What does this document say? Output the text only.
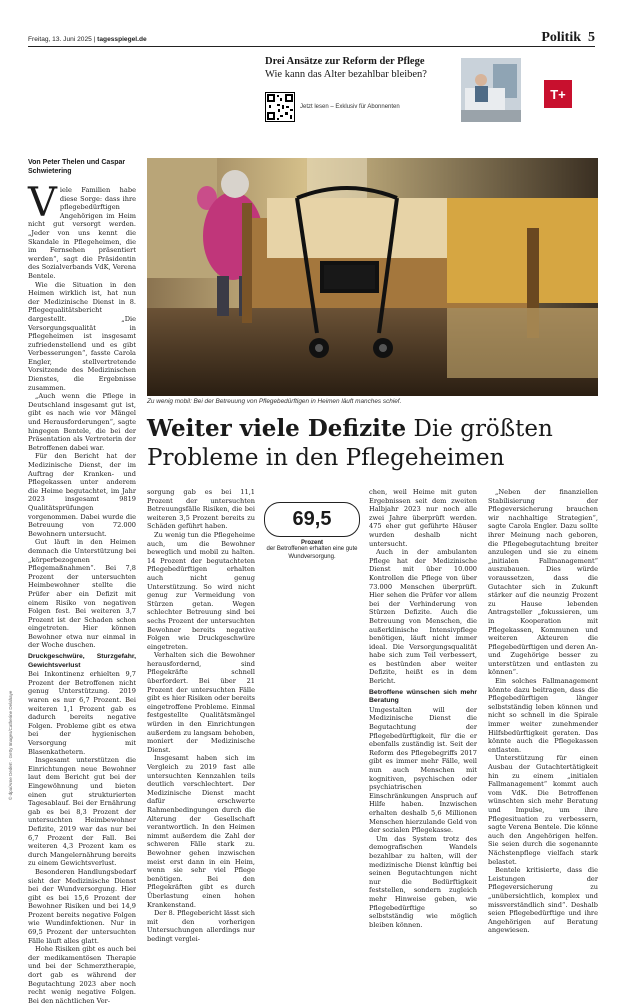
Freitag, 13. Juni 2025 | tagesspiegel.de	Politik 5
Drei Ansätze zur Reform der Pflege
Wie kann das Alter bezahlbar bleiben?
Jetzt lesen – Exklusiv für Abonnenten
T+
Von Peter Thelen und Caspar Schwietering
Zu wenig mobil: Bei der Betreuung von Pflegebedürftigen in Heimen läuft manches schief.
Weiter viele Defizite Die größten Probleme in den Pflegeheimen

Viele Familien habe diese Sorge: dass ihre pflegebedürftigen Angehörigen im Heim nicht gut versorgt werden. „Jeder von uns kennt die Skandale in Pflegeheimen, die im Fernsehen präsentiert werden“, sagt die Präsidentin des Sozialverbands VdK, Verena Bentele.

Wie die Situation in den Heimen wirklich ist, hat nun der Medizinische Dienst in 8. Pflegequalitätsbericht dargestellt. „Die Versorgungsqualität in Pflegeheimen ist insgesamt zufriedenstellend und es gibt Verbesserungen“, fasste Carola Engler, stellvertretende Vorsitzende des Medizinischen Dienstes, die Ergebnisse zusammen.

„Auch wenn die Pflege in Deutschland insgesamt gut ist, gibt es nach wie vor Mängel und Herausforderungen“, sagte hingegen Bentele, die bei der Präsentation als Vertreterin der Betroffenen dabei war.

Für den Bericht hat der Medizinische Dienst, der im Auftrag der Kranken- und Pflegekassen unter anderem die Heime begutachtet, im Jahr 2023 insgesamt 9819 Qualitätsprüfungen vorgenommen. Dabei wurde die Betreuung von 72.000 Bewohnern untersucht.

Gut läuft in den Heimen demnach die Unterstützung bei „körperbezogenen Pflegemaßnahmen“. Bei 7,8 Prozent der untersuchten Heimbewohner stellte die Prüfer aber ein Defizit mit einem Risiko von negativen Folgen fest. Bei weiteren 3,7 Prozent ist der Schaden schon eingetreten. Hier können Bewohner etwa nur einmal in der Woche duschen.

Druckgeschwüre, Sturzgefahr, Gewichtsverlust

Bei Inkontinenz erhielten 9,7 Prozent der Betroffenen nicht genug Unterstützung. 2019 waren es nur 6,7 Prozent. Bei weiteren 1,1 Prozent gab es dadurch bereits negative Folgen. Probleme gibt es etwa bei der hygienischen Versorgung mit Blasenkathetern.

Insgesamt unterstützen die Einrichtungen neue Bewohner laut dem Bericht gut bei der Eingewöhnung und bieten einen gut strukturierten Tagesablauf. Bei der Ernährung gab es bei 8,3 Prozent der untersuchten Heimbewohner Defizite, 2019 war das nur bei 6,7 Prozent der Fall. Bei weiteren 4,3 Prozent kam es durch Mangelernährung bereits zu einem Gewichtsverlust.

Besonderen Handlungsbedarf sieht der Medizinische Dienst bei der Wundversorgung. Hier gibt es bei 15,6 Prozent der Bewohner Risiken und bei 14,9 Prozent bereits negative Folgen wie Wundinfektionen. Nur in 69,5 Prozent der untersuchten Fälle läuft alles glatt.

Hohe Risiken gibt es auch bei der medikamentösen Therapie und bei der Schmerztherapie, dort gab es während der Begutachtung 2023 aber noch recht wenig negative Folgen. Bei den nächtlichen Ver-

sorgung gab es bei 11,1 Prozent der untersuchten Betreuungsfälle Risiken, die bei weiteren 3,5 Prozent bereits zu Schäden geführt haben.

Zu wenig tun die Pflegeheime auch, um die Bewohner beweglich und mobil zu halten. 14 Prozent der begutachteten Pflegebedürftigen erhalten auch nicht genug Unterstützung. So wird nicht genug zur Vermeidung von Stürzen getan. Wegen schlechter Betreuung sind bei sechs Prozent der untersuchten Bewohner bereits negative Folgen wie Druckgeschwüre eingetreten.

Verhalten sich die Bewohner herausfordernd, sind Pflegekräfte schnell überfordert. Bei über 21 Prozent der untersuchten Fälle gibt es hier Risiken oder bereits eingetroffene Probleme. Einmal festgestellte Qualitätsmängel würden in den Einrichtungen außerdem zu langsam behoben, moniert der Medizinische Dienst.

Insgesamt haben sich im Vergleich zu 2019 fast alle untersuchten Kennzahlen teils deutlich verschlechtert. Der Medizinische Dienst macht dafür erschwerte Rahmenbedingungen durch die Alterung der Gesellschaft verantwortlich. In den Heimen nimmt außerdem die Zahl der schweren Fälle stark zu. Bewohner gehen inzwischen meist erst dann in ein Heim, wenn sie sehr viel Pflege benötigen. Bei den Pflegekräften gibt es durch Überlastung einen hohen Krankenstand.

Der 8. Pflegebericht lässt sich mit den vorherigen Untersuchungen allerdings nur bedingt verglei-

69,5
Prozent
der Betroffenen erhalten eine gute Wundversorgung.

chen, weil Heime mit guten Ergebnissen seit dem zweiten Halbjahr 2023 nur noch alle zwei Jahre überprüft werden. 475 eher gut geführte Häuser wurden deshalb nicht untersucht.

Auch in der ambulanten Pflege hat der Medizinische Dienst mit über 10.000 Kontrollen die Pflege von über 73.000 Menschen überprüft. Hier sehen die Prüfer vor allem bei der Verhinderung von Stürzen Defizite. Auch die Betreuung von Menschen, die außerklinische Intensivpflege benötigen, läuft nicht immer ideal. Die Versorgungsqualität habe sich zum Teil verbessert, es bestünden aber weiter Defizite, heißt es in dem Bericht.

Betroffene wünschen sich mehr Beratung

Umgestalten will der Medizinische Dienst die Begutachtung der Pflegebedürftigkeit, für die er ebenfalls zuständig ist. Seit der Reform des Pflegebegriffs 2017 gibt es immer mehr Fälle, weil nun auch Menschen mit kognitiven, psychischen oder psychiatrischen Einschränkungen Anspruch auf Hilfe haben. Inzwischen erhalten deshalb 5,6 Millionen Menschen hierzulande Geld von der sozialen Pflegekasse.

Um das System trotz des demografischen Wandels bezahlbar zu halten, will der medizinische Dienst künftig bei seinen Begutachtungen nicht nur die Bedürftigkeit feststellen, sondern zugleich mehr Hinweise geben, wie Pflegebedürftige so selbstständig wie möglich bleiben können.

„Neben der finanziellen Stabilisierung der Pflegeversicherung brauchen wir nachhaltige Strategien“, sagte Carola Engler. Dazu sollte ihrer Meinung nach geboren, die Pflegebegutachtung breiter anzulegen und sie zu einem „initialen Fallmanagement“ auszubauen. Dies würde voraussetzen, dass die Gutachter sich in Zukunft stärker auf die neunzig Prozent zu Hause lebenden Antragsteller „fokussieren, um in Kooperation mit Pflegekassen, Kommunen und weiteren Akteuren die Pflegebedürftigen und deren An- und Zugehörige besser zu unterstützen und entlasten zu können“.

Ein solches Fallmanagement könnte dazu beitragen, dass die Pflegebedürftigen länger selbstständig leben können und nicht so schnell in die Spirale immer weiter zunehmender Hilfsbedürftigkeit geraten. Das könnte auch die Pflegekassen entlasten.

Unterstützung für einen Ausbau der Gutachtertätigkeit hin zu einem „initialen Fallmanagement“ kommt auch vom VdK. Die Betroffenen wünschten sich mehr Beratung und Impulse, um ihre Pflegesituation zu verbessern, sagte Verena Bentele. Die könne auch den Angehörigen helfen. Sie seien durch die sogenannte Nächstenpflege vielfach stark belastet.

Bentele kritisierte, dass die Leistungen der Pflegeversicherung zu „unübersichtlich, komplex und missverständlich sind“. Deshalb seien Pflegebedürftige und ihre Angehörigen auf Beratung angewiesen.

© dpa/Arne Dedert · Getty Images/Catherine Delahaye
